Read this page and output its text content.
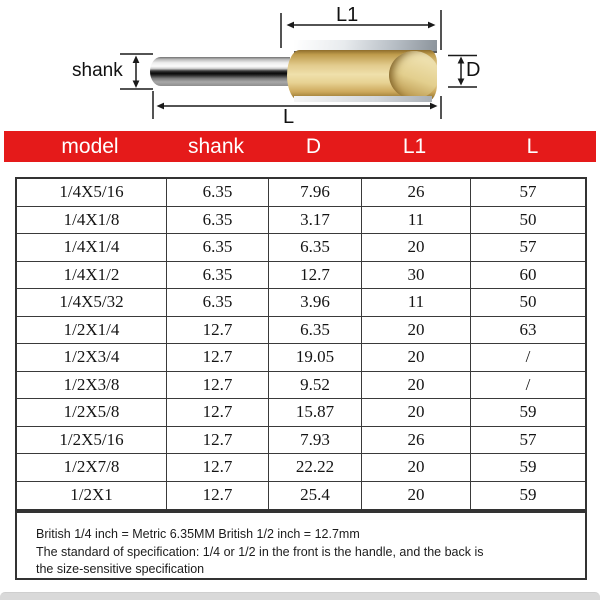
shank
L1
D
L
model	shank	D	L1	L
1/4X5/16	6.35	7.96	26	57
1/4X1/8	6.35	3.17	11	50
1/4X1/4	6.35	6.35	20	57
1/4X1/2	6.35	12.7	30	60
1/4X5/32	6.35	3.96	11	50
1/2X1/4	12.7	6.35	20	63
1/2X3/4	12.7	19.05	20	/
1/2X3/8	12.7	9.52	20	/
1/2X5/8	12.7	15.87	20	59
1/2X5/16	12.7	7.93	26	57
1/2X7/8	12.7	22.22	20	59
1/2X1	12.7	25.4	20	59
British 1/4 inch = Metric 6.35MM British 1/2 inch = 12.7mm
The standard of specification: 1/4 or 1/2 in the front is the handle, and the back is
the size-sensitive specification
